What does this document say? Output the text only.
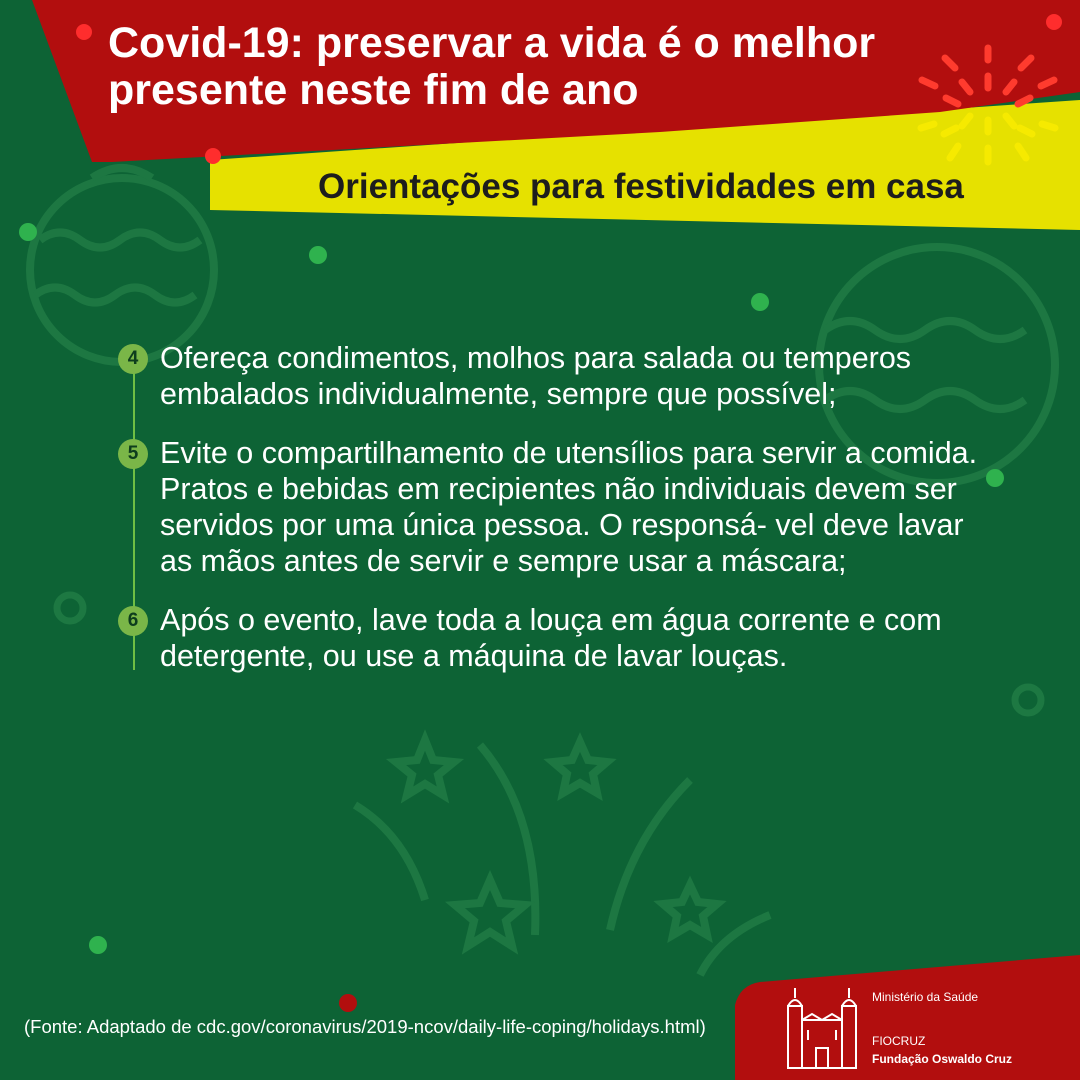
Covid-19: preservar a vida é o melhor presente neste fim de ano
Orientações para festividades em casa
4 Ofereça condimentos, molhos para salada ou temperos embalados individualmente, sempre que possível;
5 Evite o compartilhamento de utensílios para servir a comida. Pratos e bebidas em recipientes não individuais devem ser servidos por uma única pessoa. O responsá- vel deve lavar as mãos antes de servir e sempre usar a máscara;
6 Após o evento, lave toda a louça em água corrente e com detergente, ou use a máquina de lavar louças.
(Fonte: Adaptado de cdc.gov/coronavirus/2019-ncov/daily-life-coping/holidays.html)
Ministério da Saúde
FIOCRUZ
Fundação Oswaldo Cruz
